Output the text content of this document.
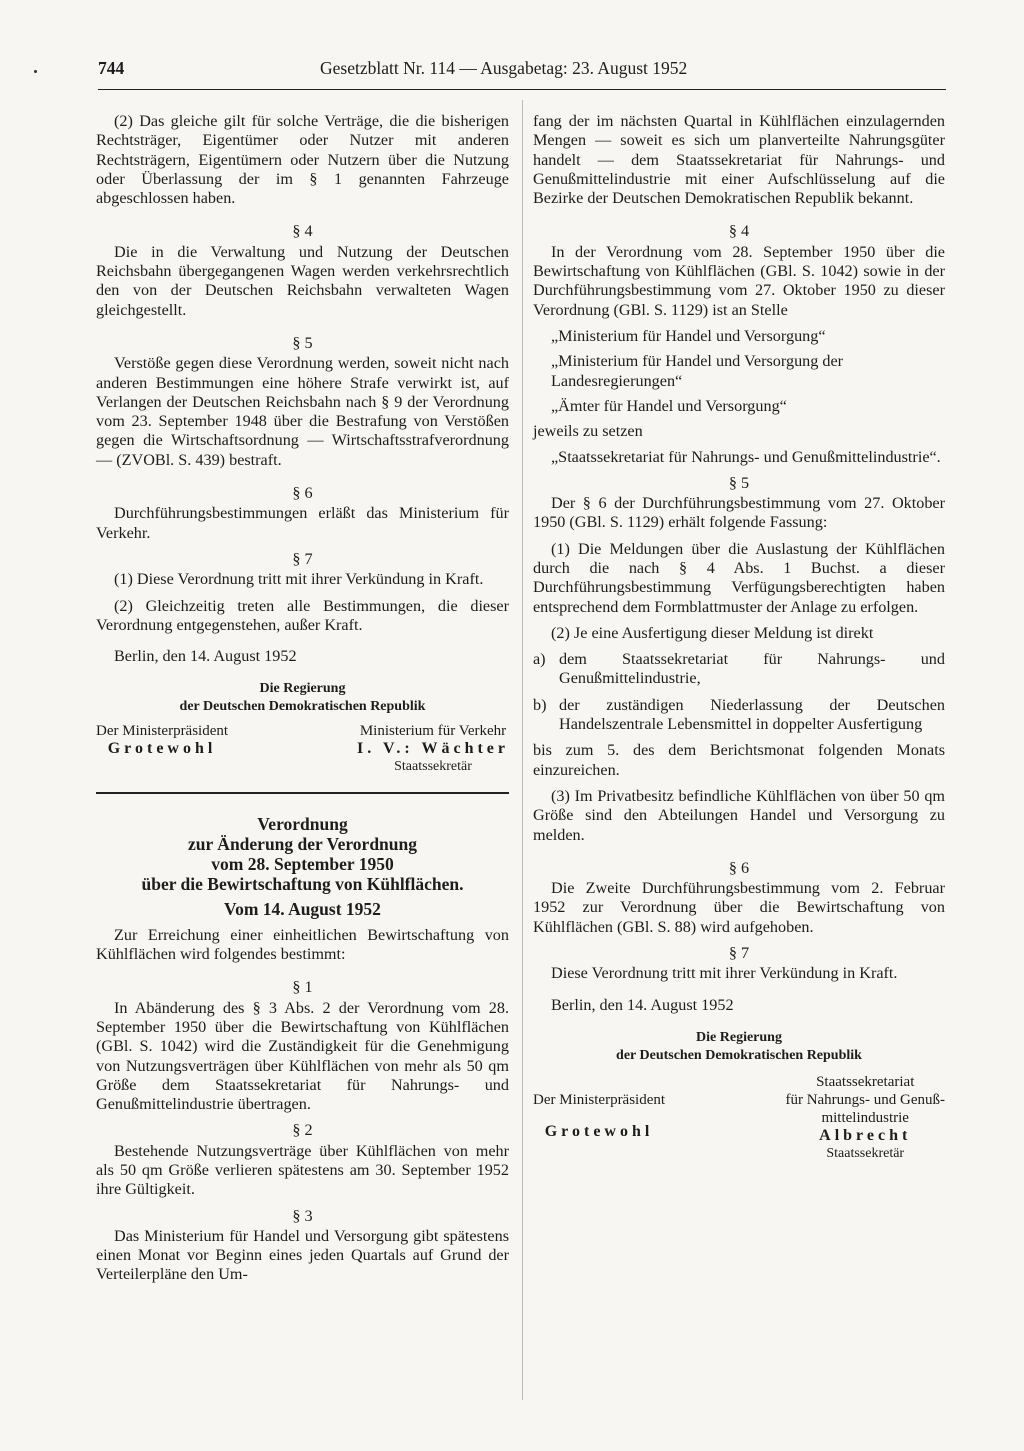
744	Gesetzblatt Nr. 114 — Ausgabetag: 23. August 1952

(2) Das gleiche gilt für solche Verträge, die die bisherigen Rechtsträger, Eigentümer oder Nutzer mit anderen Rechtsträgern, Eigentümern oder Nutzern über die Nutzung oder Überlassung der im § 1 genannten Fahrzeuge abgeschlossen haben.

§ 4

Die in die Verwaltung und Nutzung der Deutschen Reichsbahn übergegangenen Wagen werden verkehrsrechtlich den von der Deutschen Reichsbahn verwalteten Wagen gleichgestellt.

§ 5

Verstöße gegen diese Verordnung werden, soweit nicht nach anderen Bestimmungen eine höhere Strafe verwirkt ist, auf Verlangen der Deutschen Reichsbahn nach § 9 der Verordnung vom 23. September 1948 über die Bestrafung von Verstößen gegen die Wirtschaftsordnung — Wirtschaftsstrafverordnung — (ZVOBl. S. 439) bestraft.

§ 6

Durchführungsbestimmungen erläßt das Ministerium für Verkehr.

§ 7

(1) Diese Verordnung tritt mit ihrer Verkündung in Kraft.

(2) Gleichzeitig treten alle Bestimmungen, die dieser Verordnung entgegenstehen, außer Kraft.

Berlin, den 14. August 1952
Die Regierung
der Deutschen Demokratischen Republik
Der Ministerpräsident
Grotewohl
Ministerium für Verkehr
I. V.: Wächter
Staatssekretär
Verordnung
zur Änderung der Verordnung
vom 28. September 1950
über die Bewirtschaftung von Kühlflächen.
Vom 14. August 1952

Zur Erreichung einer einheitlichen Bewirtschaftung von Kühlflächen wird folgendes bestimmt:

§ 1

In Abänderung des § 3 Abs. 2 der Verordnung vom 28. September 1950 über die Bewirtschaftung von Kühlflächen (GBl. S. 1042) wird die Zuständigkeit für die Genehmigung von Nutzungsverträgen über Kühlflächen von mehr als 50 qm Größe dem Staatssekretariat für Nahrungs- und Genußmittelindustrie übertragen.

§ 2

Bestehende Nutzungsverträge über Kühlflächen von mehr als 50 qm Größe verlieren spätestens am 30. September 1952 ihre Gültigkeit.

§ 3

Das Ministerium für Handel und Versorgung gibt spätestens einen Monat vor Beginn eines jeden Quartals auf Grund der Verteilerpläne den Um-

fang der im nächsten Quartal in Kühlflächen einzulagernden Mengen — soweit es sich um planverteilte Nahrungsgüter handelt — dem Staatssekretariat für Nahrungs- und Genußmittelindustrie mit einer Aufschlüsselung auf die Bezirke der Deutschen Demokratischen Republik bekannt.

§ 4

In der Verordnung vom 28. September 1950 über die Bewirtschaftung von Kühlflächen (GBl. S. 1042) sowie in der Durchführungsbestimmung vom 27. Oktober 1950 zu dieser Verordnung (GBl. S. 1129) ist an Stelle

„Ministerium für Handel und Versorgung“
„Ministerium für Handel und Versorgung der Landesregierungen“
„Ämter für Handel und Versorgung“

jeweils zu setzen

„Staatssekretariat für Nahrungs- und Genußmittelindustrie“.
§ 5

Der § 6 der Durchführungsbestimmung vom 27. Oktober 1950 (GBl. S. 1129) erhält folgende Fassung:

(1) Die Meldungen über die Auslastung der Kühlflächen durch die nach § 4 Abs. 1 Buchst. a dieser Durchführungsbestimmung Verfügungsberechtigten haben entsprechend dem Formblattmuster der Anlage zu erfolgen.

(2) Je eine Ausfertigung dieser Meldung ist direkt

a) dem Staatssekretariat für Nahrungs- und Genußmittelindustrie,
b) der zuständigen Niederlassung der Deutschen Handelszentrale Lebensmittel in doppelter Ausfertigung

bis zum 5. des dem Berichtsmonat folgenden Monats einzureichen.

(3) Im Privatbesitz befindliche Kühlflächen von über 50 qm Größe sind den Abteilungen Handel und Versorgung zu melden.

§ 6

Die Zweite Durchführungsbestimmung vom 2. Februar 1952 zur Verordnung über die Bewirtschaftung von Kühlflächen (GBl. S. 88) wird aufgehoben.

§ 7

Diese Verordnung tritt mit ihrer Verkündung in Kraft.

Berlin, den 14. August 1952
Die Regierung
der Deutschen Demokratischen Republik
Der Ministerpräsident
Grotewohl
Staatssekretariat
für Nahrungs- und Genuß-
mittelindustrie
Albrecht
Staatssekretär
